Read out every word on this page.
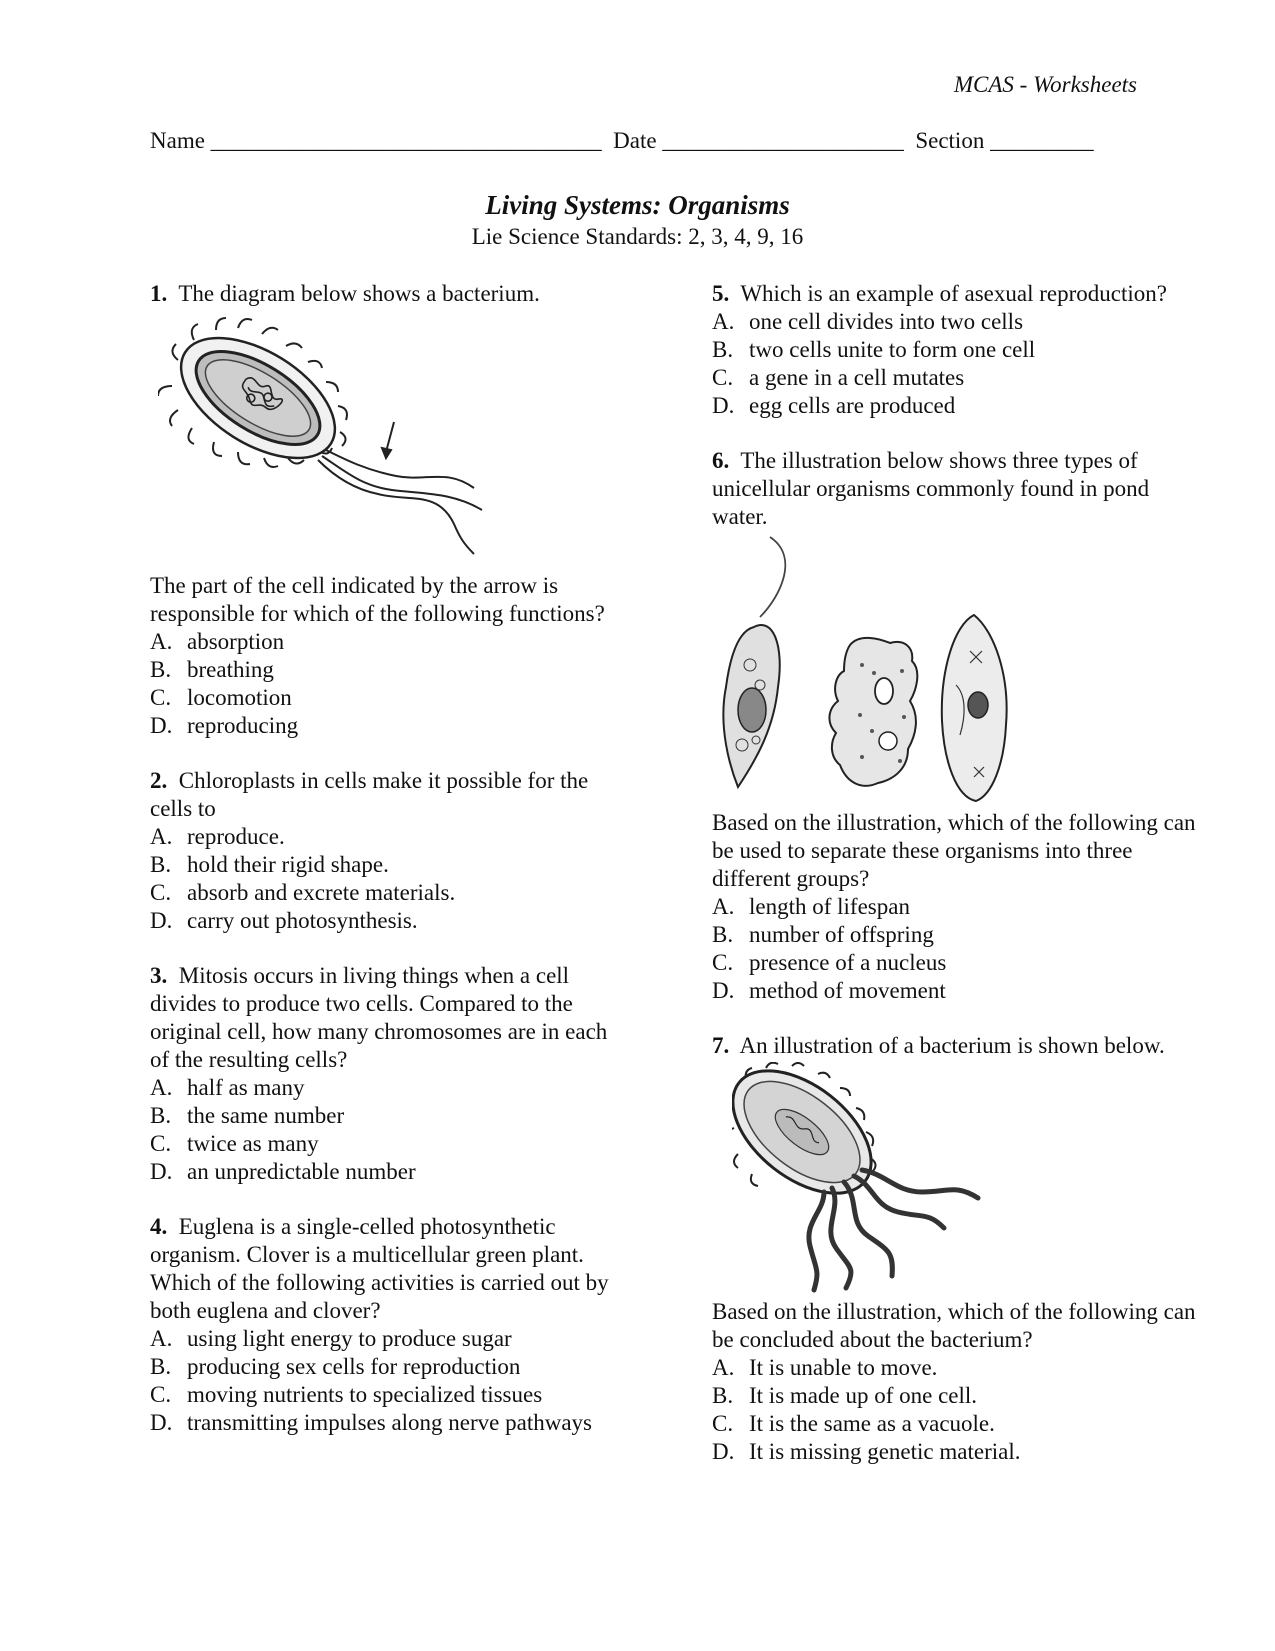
MCAS - Worksheets
Name __________________________________  Date _____________________  Section _________
Living Systems: Organisms
Lie Science Standards: 2, 3, 4, 9, 16

1. The diagram below shows a bacterium.

The part of the cell indicated by the arrow is responsible for which of the following functions?

A. absorption
B. breathing
C. locomotion
D. reproducing

2. Chloroplasts in cells make it possible for the cells to

A. reproduce.
B. hold their rigid shape.
C. absorb and excrete materials.
D. carry out photosynthesis.

3. Mitosis occurs in living things when a cell divides to produce two cells. Compared to the original cell, how many chromosomes are in each of the resulting cells?

A. half as many
B. the same number
C. twice as many
D. an unpredictable number

4. Euglena is a single-celled photosynthetic organism. Clover is a multicellular green plant. Which of the following activities is carried out by both euglena and clover?

A. using light energy to produce sugar
B. producing sex cells for reproduction
C. moving nutrients to specialized tissues
D. transmitting impulses along nerve pathways

5. Which is an example of asexual reproduction?

A. one cell divides into two cells
B. two cells unite to form one cell
C. a gene in a cell mutates
D. egg cells are produced

6. The illustration below shows three types of unicellular organisms commonly found in pond water.

Based on the illustration, which of the following can be used to separate these organisms into three different groups?

A. length of lifespan
B. number of offspring
C. presence of a nucleus
D. method of movement

7. An illustration of a bacterium is shown below.

Based on the illustration, which of the following can be concluded about the bacterium?

A. It is unable to move.
B. It is made up of one cell.
C. It is the same as a vacuole.
D. It is missing genetic material.
